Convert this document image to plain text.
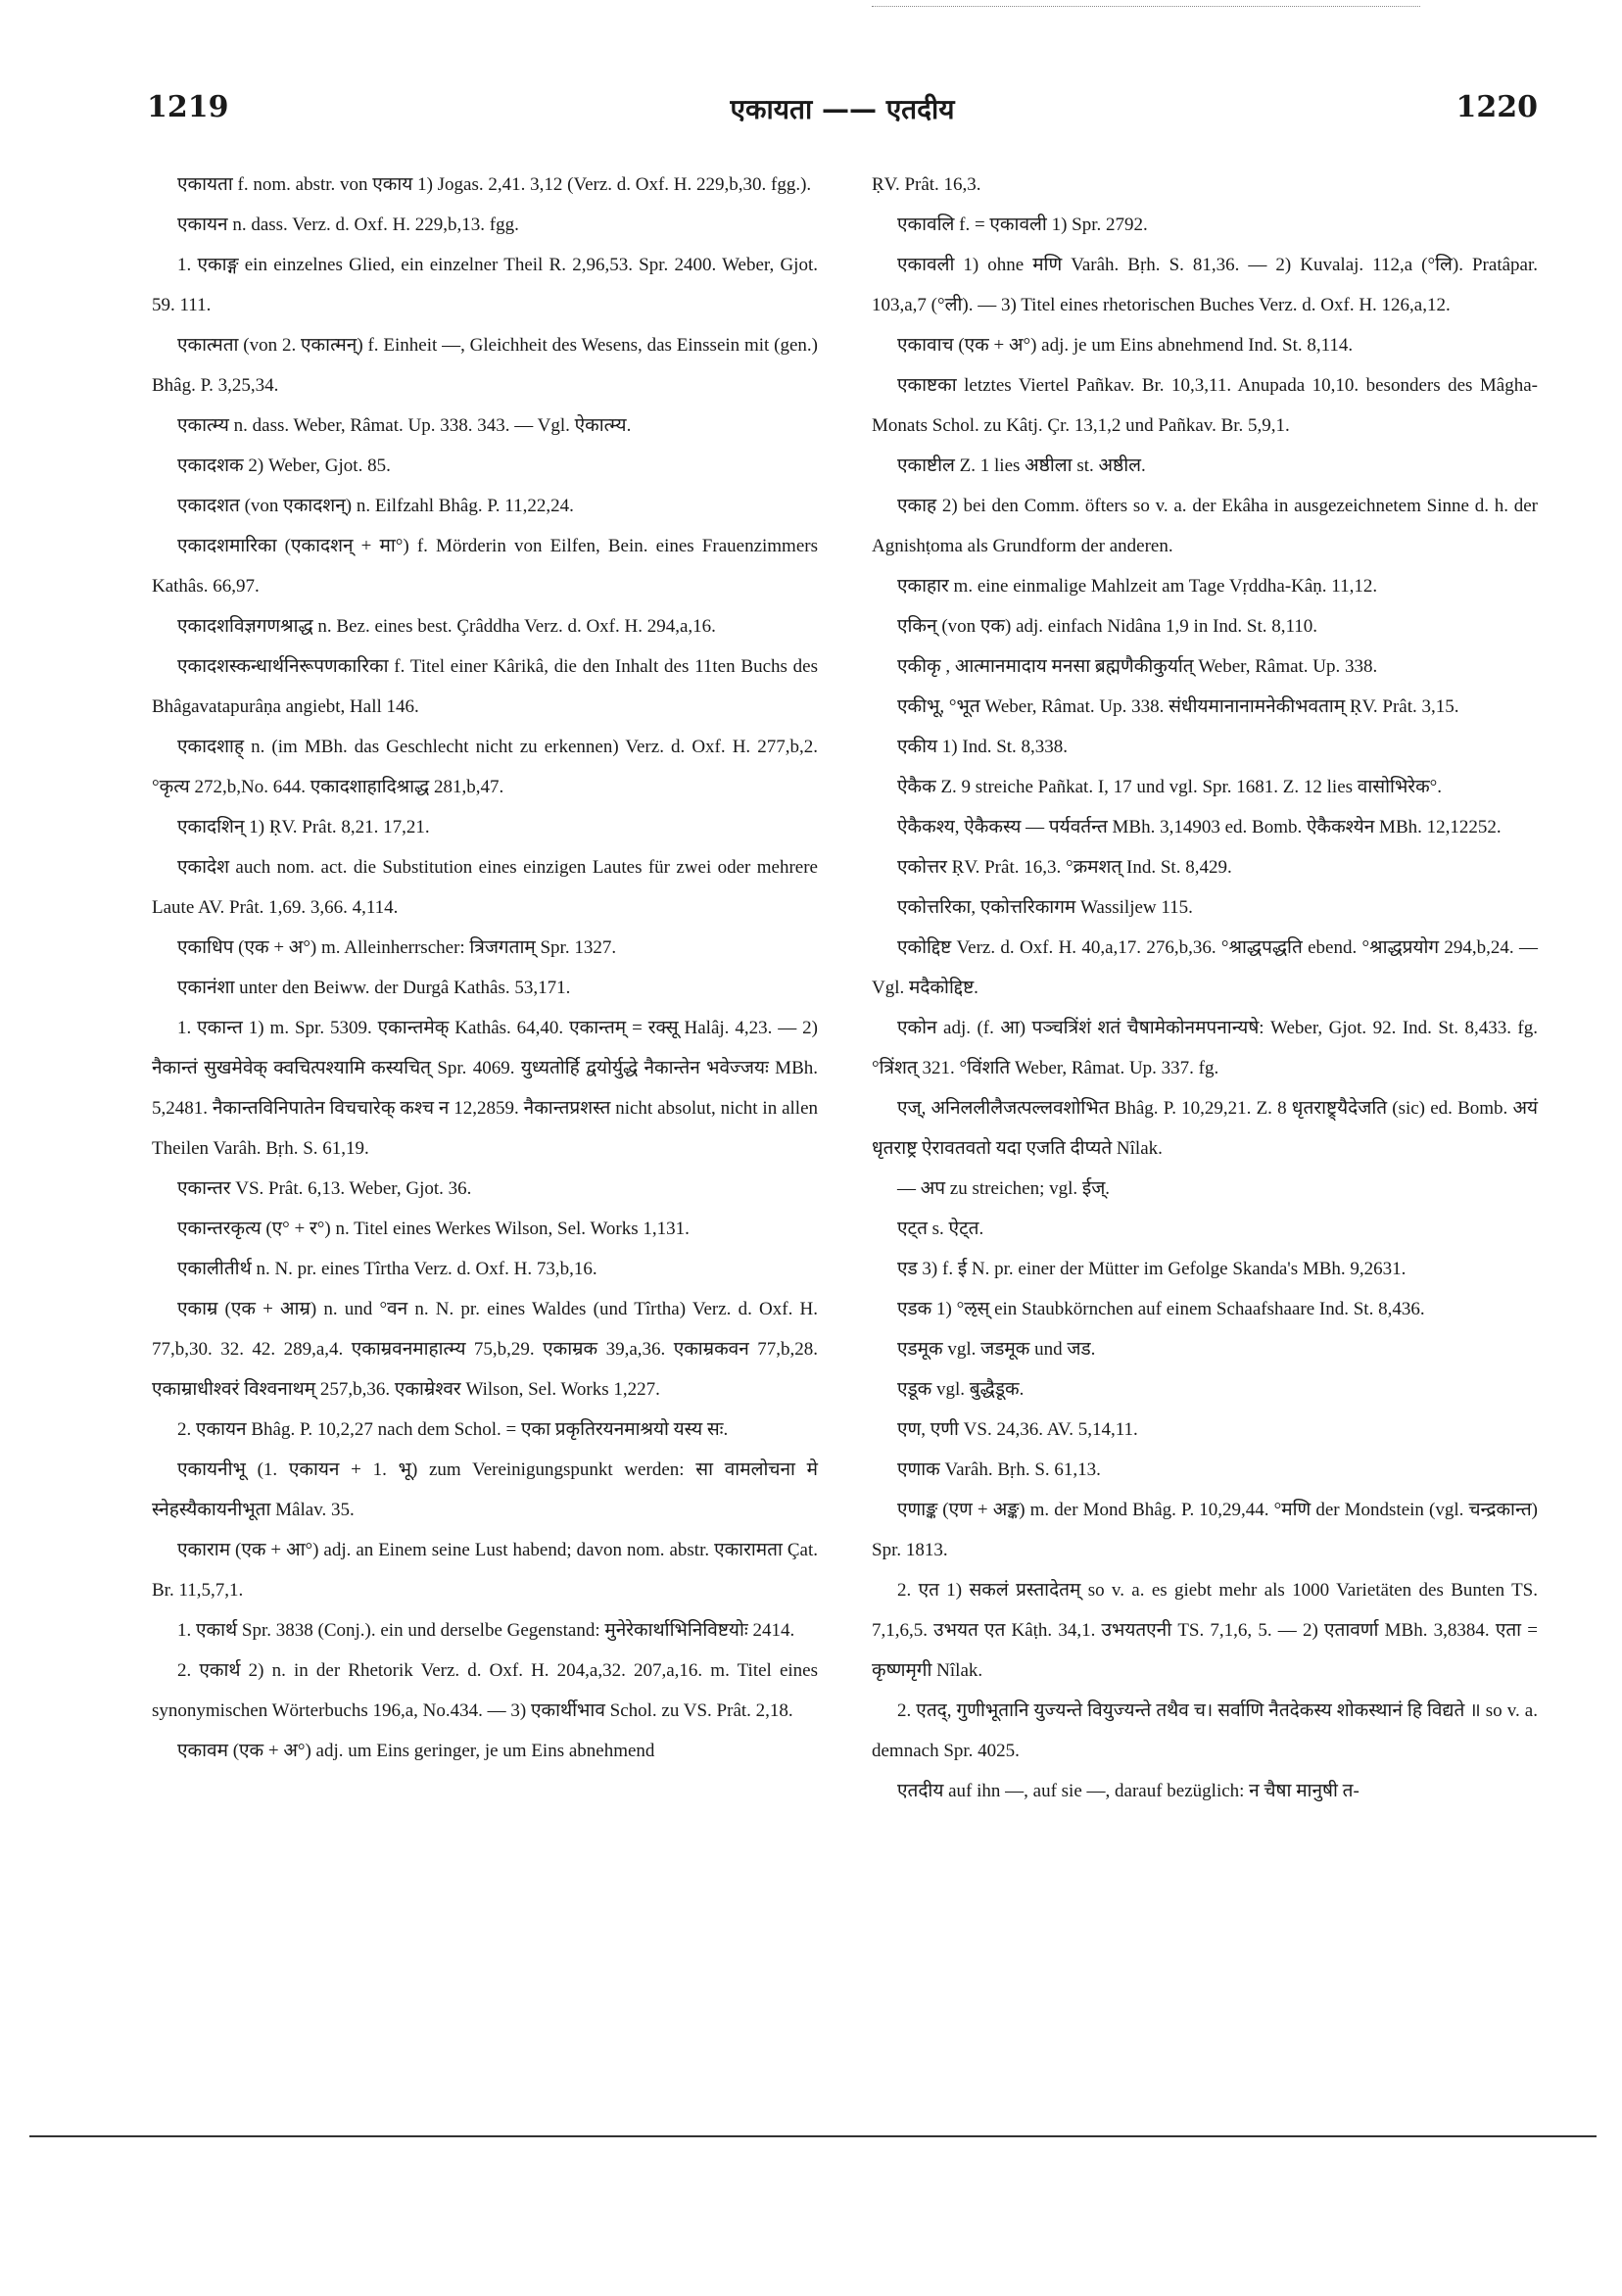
1219	एकायता —— एतदीय	1220

एकायता f. nom. abstr. von एकाय 1) Jogas. 2,41. 3,12 (Verz. d. Oxf. H. 229,b,30. fgg.).

एकायन n. dass. Verz. d. Oxf. H. 229,b,13. fgg.

1. एकाङ्ग ein einzelnes Glied, ein einzelner Theil R. 2,96,53. Spr. 2400. Weber, Gjot. 59. 111.

एकात्मता (von 2. एकात्मन्) f. Einheit —, Gleichheit des Wesens, das Einssein mit (gen.) Bhâg. P. 3,25,34.

एकात्म्य n. dass. Weber, Râmat. Up. 338. 343. — Vgl. ऐकात्म्य.

एकादशक 2) Weber, Gjot. 85.

एकादशत (von एकादशन्) n. Eilfzahl Bhâg. P. 11,22,24.

एकादशमारिका (एकादशन् + मा°) f. Mörderin von Eilfen, Bein. eines Frauenzimmers Kathâs. 66,97.

एकादशविज्ञगणश्राद्ध n. Bez. eines best. Çrâddha Verz. d. Oxf. H. 294,a,16.

एकादशस्कन्धार्थनिरूपणकारिका f. Titel einer Kârikâ, die den Inhalt des 11ten Buchs des Bhâgavatapurâṇa angiebt, Hall 146.

एकादशाह् n. (im MBh. das Geschlecht nicht zu erkennen) Verz. d. Oxf. H. 277,b,2. °कृत्य 272,b,No. 644. एकादशाहादिश्राद्ध 281,b,47.

एकादशिन् 1) ṚV. Prât. 8,21. 17,21.

एकादेश auch nom. act. die Substitution eines einzigen Lautes für zwei oder mehrere Laute AV. Prât. 1,69. 3,66. 4,114.

एकाधिप (एक + अ°) m. Alleinherrscher: त्रिजगताम् Spr. 1327.

एकानंशा unter den Beiww. der Durgâ Kathâs. 53,171.

1. एकान्त 1) m. Spr. 5309. एकान्तमेक् Kathâs. 64,40. एकान्तम् = रक्सू Halâj. 4,23. — 2) नैकान्तं सुखमेवेक् क्वचित्पश्यामि कस्यचित् Spr. 4069. युध्यतोर्हि द्वयोर्युद्धे नैकान्तेन भवेज्जयः MBh. 5,2481. नैकान्तविनिपातेन विचचारेक् कश्च न 12,2859. नैकान्तप्रशस्त nicht absolut, nicht in allen Theilen Varâh. Bṛh. S. 61,19.

एकान्तर VS. Prât. 6,13. Weber, Gjot. 36.

एकान्तरकृत्य (ए° + र°) n. Titel eines Werkes Wilson, Sel. Works 1,131.

एकालीतीर्थ n. N. pr. eines Tîrtha Verz. d. Oxf. H. 73,b,16.

एकाम्र (एक + आम्र) n. und °वन n. N. pr. eines Waldes (und Tîrtha) Verz. d. Oxf. H. 77,b,30. 32. 42. 289,a,4. एकाम्रवनमाहात्म्य 75,b,29. एकाम्रक 39,a,36. एकाम्रकवन 77,b,28. एकाम्राधीश्वरं विश्वनाथम् 257,b,36. एकाम्रेश्वर Wilson, Sel. Works 1,227.

2. एकायन Bhâg. P. 10,2,27 nach dem Schol. = एका प्रकृतिरयनमाश्रयो यस्य सः.

एकायनीभू (1. एकायन + 1. भू) zum Vereinigungspunkt werden: सा वामलोचना मे स्नेहस्यैकायनीभूता Mâlav. 35.

एकाराम (एक + आ°) adj. an Einem seine Lust habend; davon nom. abstr. एकारामता Çat. Br. 11,5,7,1.

1. एकार्थ Spr. 3838 (Conj.). ein und derselbe Gegenstand: मुनेरेकार्थाभिनिविष्टयोः 2414.

2. एकार्थ 2) n. in der Rhetorik Verz. d. Oxf. H. 204,a,32. 207,a,16. m. Titel eines synonymischen Wörterbuchs 196,a, No.434. — 3) एकार्थीभाव Schol. zu VS. Prât. 2,18.

एकावम (एक + अ°) adj. um Eins geringer, je um Eins abnehmend

ṚV. Prât. 16,3.

एकावलि f. = एकावली 1) Spr. 2792.

एकावली 1) ohne मणि Varâh. Bṛh. S. 81,36. — 2) Kuvalaj. 112,a (°लि). Pratâpar. 103,a,7 (°ली). — 3) Titel eines rhetorischen Buches Verz. d. Oxf. H. 126,a,12.

एकावाच (एक + अ°) adj. je um Eins abnehmend Ind. St. 8,114.

एकाष्टका letztes Viertel Pañkav. Br. 10,3,11. Anupada 10,10. besonders des Mâgha-Monats Schol. zu Kâtj. Çr. 13,1,2 und Pañkav. Br. 5,9,1.

एकाष्टील Z. 1 lies अष्ठीला st. अष्ठील.

एकाह 2) bei den Comm. öfters so v. a. der Ekâha in ausgezeichnetem Sinne d. h. der Agnishṭoma als Grundform der anderen.

एकाहार m. eine einmalige Mahlzeit am Tage Vṛddha-Kâṇ. 11,12.

एकिन् (von एक) adj. einfach Nidâna 1,9 in Ind. St. 8,110.

एकीकृ , आत्मानमादाय मनसा ब्रह्मणैकीकुर्यात् Weber, Râmat. Up. 338.

एकीभू, °भूत Weber, Râmat. Up. 338. संधीयमानानामनेकीभवताम् ṚV. Prât. 3,15.

एकीय 1) Ind. St. 8,338.

ऐकैक Z. 9 streiche Pañkat. I, 17 und vgl. Spr. 1681. Z. 12 lies वासोभिरेक°.

ऐकैकश्य, ऐकैकस्य — पर्यवर्तन्त MBh. 3,14903 ed. Bomb. ऐकैकश्येन MBh. 12,12252.

एकोत्तर ṚV. Prât. 16,3. °क्रमशत् Ind. St. 8,429.

एकोत्तरिका, एकोत्तरिकागम Wassiljew 115.

एकोद्दिष्ट Verz. d. Oxf. H. 40,a,17. 276,b,36. °श्राद्धपद्धति ebend. °श्राद्धप्रयोग 294,b,24. — Vgl. मदैकोद्दिष्ट.

एकोन adj. (f. आ) पञ्चत्रिंशं शतं चैषामेकोनमपनान्यषे: Weber, Gjot. 92. Ind. St. 8,433. fg. °त्रिंशत् 321. °विंशति Weber, Râmat. Up. 337. fg.

एज्, अनिललीलैजत्पल्लवशोभित Bhâg. P. 10,29,21. Z. 8 धृतराष्ट्र्यैदेजति (sic) ed. Bomb. अयं धृतराष्ट्र ऐरावतवतो यदा एजति दीप्यते Nîlak.

— अप zu streichen; vgl. ईज्.

एट्त s. ऐट्त.

एड 3) f. ई N. pr. einer der Mütter im Gefolge Skanda's MBh. 9,2631.

एडक 1) °ऌस् ein Staubkörnchen auf einem Schaafshaare Ind. St. 8,436.

एडमूक vgl. जडमूक und जड.

एडूक vgl. बुद्धैडूक.

एण, एणी VS. 24,36. AV. 5,14,11.

एणाक Varâh. Bṛh. S. 61,13.

एणाङ्क (एण + अङ्क) m. der Mond Bhâg. P. 10,29,44. °मणि der Mondstein (vgl. चन्द्रकान्त) Spr. 1813.

2. एत 1) सकलं प्रस्तादेतम् so v. a. es giebt mehr als 1000 Varietäten des Bunten TS. 7,1,6,5. उभयत एत Kâṭh. 34,1. उभयतएनी TS. 7,1,6, 5. — 2) एतावर्णा MBh. 3,8384. एता = कृष्णमृगी Nîlak.

2. एतद्, गुणीभूतानि युज्यन्ते वियुज्यन्ते तथैव च। सर्वाणि नैतदेकस्य शोकस्थानं हि विद्यते ॥ so v. a. demnach Spr. 4025.

एतदीय auf ihn —, auf sie —, darauf bezüglich: न चैषा मानुषी त-
